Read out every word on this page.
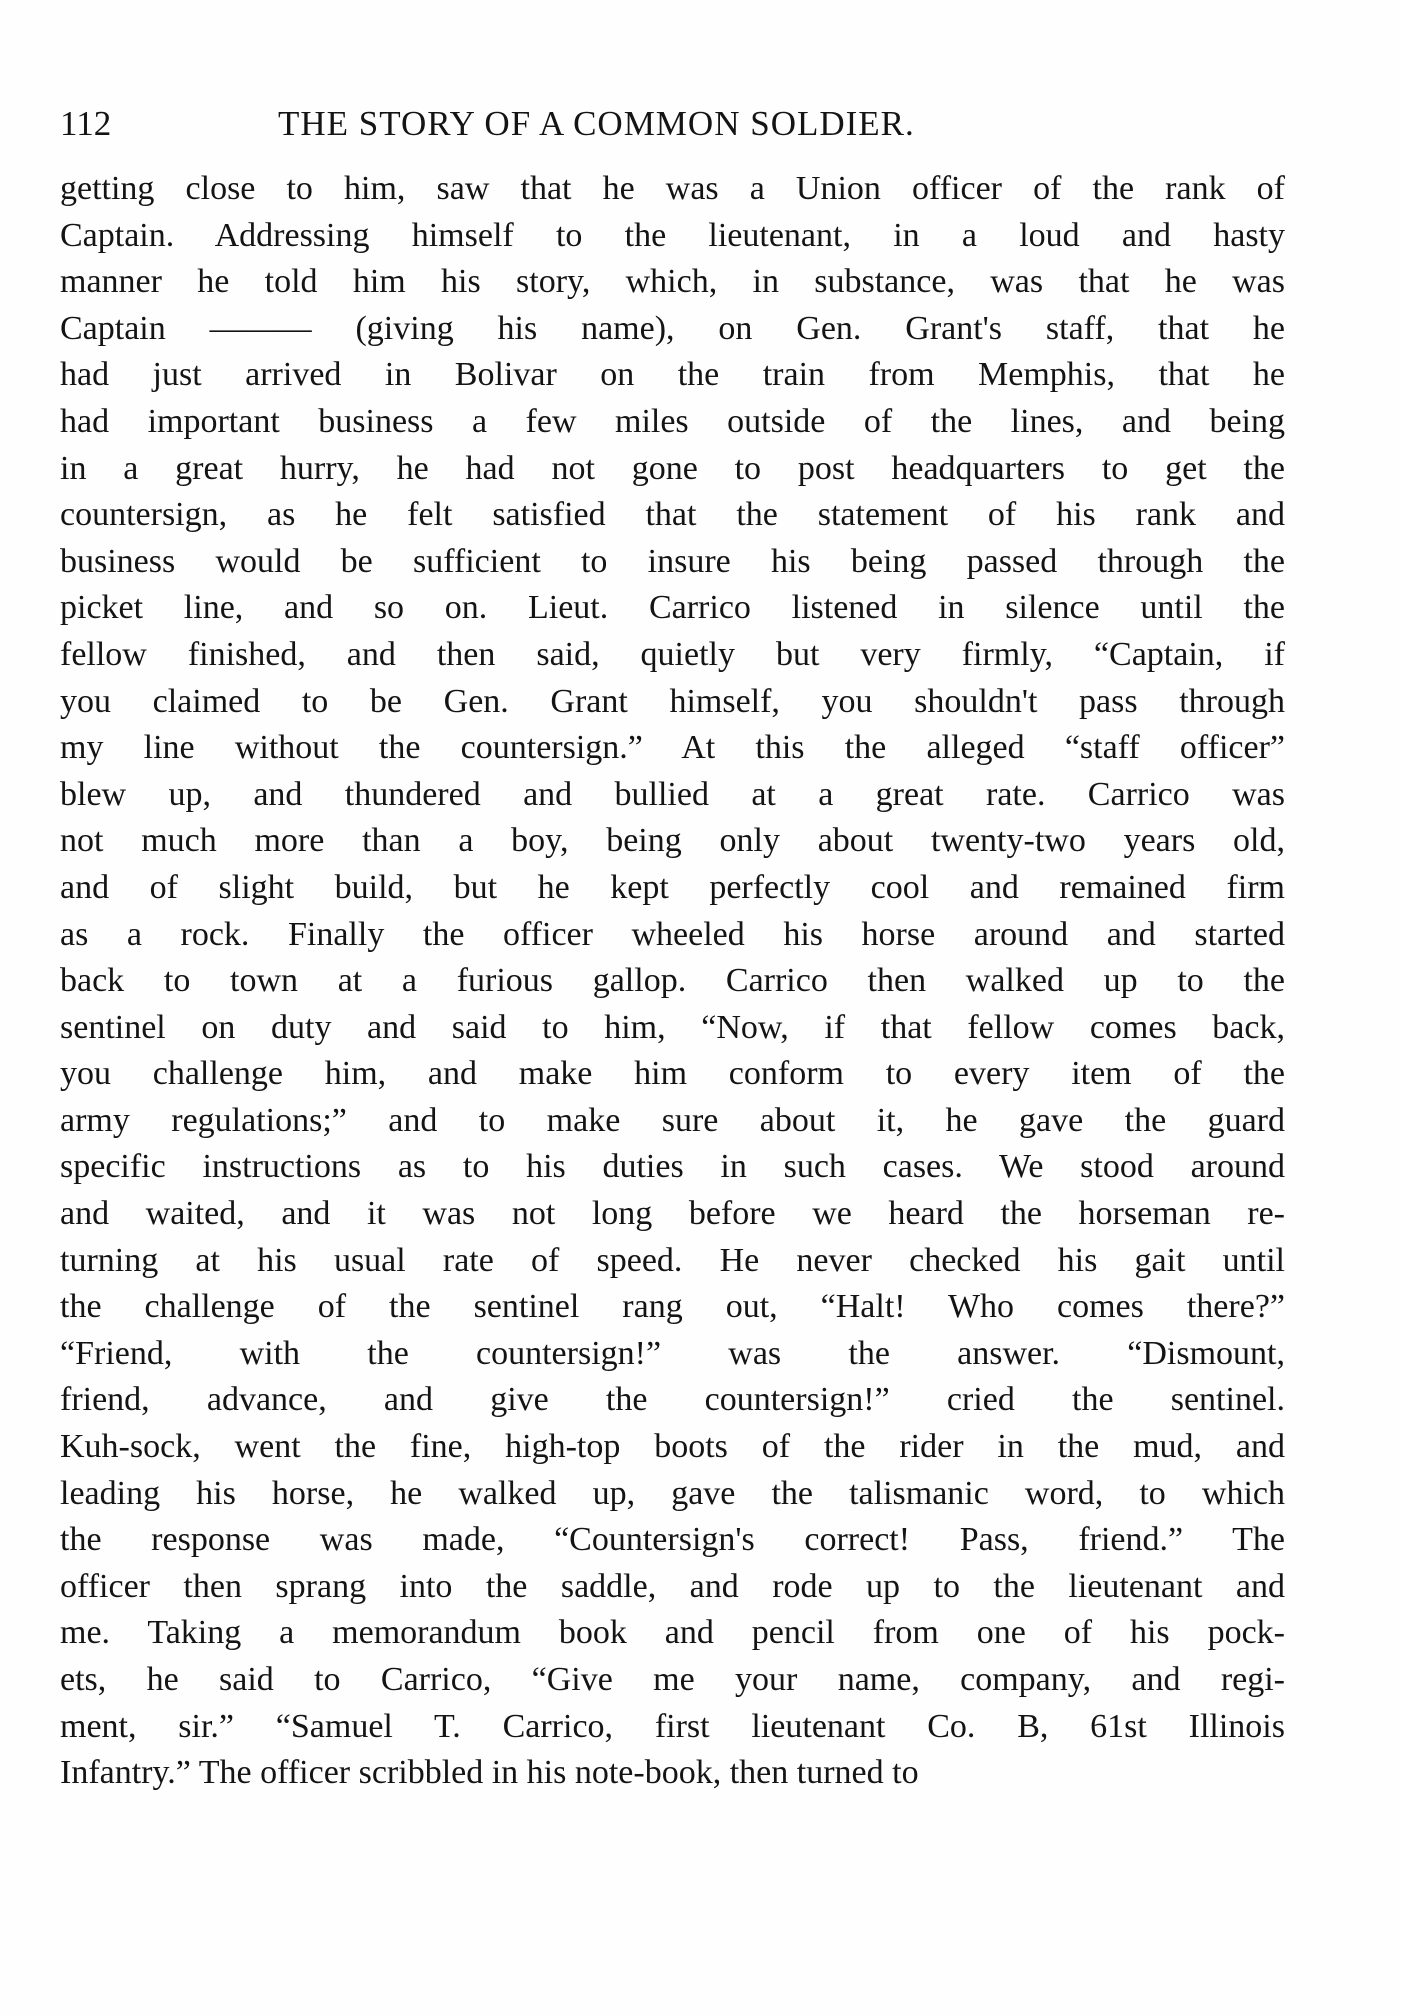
112	THE STORY OF A COMMON SOLDIER.
getting close to him, saw that he was a Union officer of the rank of
Captain. Addressing himself to the lieutenant, in a loud and hasty
manner he told him his story, which, in substance, was that he was
Captain ——— (giving his name), on Gen. Grant's staff, that he
had just arrived in Bolivar on the train from Memphis, that he
had important business a few miles outside of the lines, and being
in a great hurry, he had not gone to post headquarters to get the
countersign, as he felt satisfied that the statement of his rank and
business would be sufficient to insure his being passed through the
picket line, and so on. Lieut. Carrico listened in silence until the
fellow finished, and then said, quietly but very firmly, “Captain, if
you claimed to be Gen. Grant himself, you shouldn't pass through
my line without the countersign.” At this the alleged “staff officer”
blew up, and thundered and bullied at a great rate. Carrico was
not much more than a boy, being only about twenty-two years old,
and of slight build, but he kept perfectly cool and remained firm
as a rock. Finally the officer wheeled his horse around and started
back to town at a furious gallop. Carrico then walked up to the
sentinel on duty and said to him, “Now, if that fellow comes back,
you challenge him, and make him conform to every item of the
army regulations;” and to make sure about it, he gave the guard
specific instructions as to his duties in such cases. We stood around
and waited, and it was not long before we heard the horseman re-
turning at his usual rate of speed. He never checked his gait until
the challenge of the sentinel rang out, “Halt! Who comes there?”
“Friend, with the countersign!” was the answer. “Dismount,
friend, advance, and give the countersign!” cried the sentinel.
Kuh-sock, went the fine, high-top boots of the rider in the mud, and
leading his horse, he walked up, gave the talismanic word, to which
the response was made, “Countersign's correct! Pass, friend.” The
officer then sprang into the saddle, and rode up to the lieutenant and
me. Taking a memorandum book and pencil from one of his pock-
ets, he said to Carrico, “Give me your name, company, and regi-
ment, sir.” “Samuel T. Carrico, first lieutenant Co. B, 61st Illinois
Infantry.” The officer scribbled in his note-book, then turned to
